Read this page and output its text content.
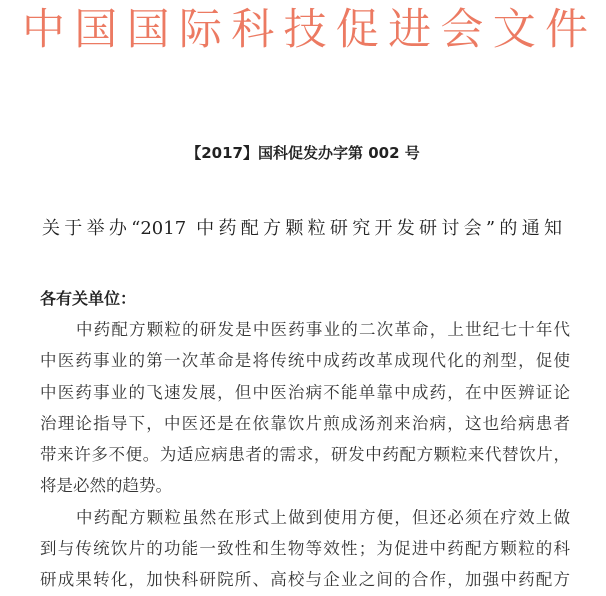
中国国际科技促进会文件
【2017】国科促发办字第 002 号
关于举办“2017 中药配方颗粒研究开发研讨会”的通知
各有关单位：
中药配方颗粒的研发是中医药事业的二次革命，上世纪七十年代
中医药事业的第一次革命是将传统中成药改革成现代化的剂型，促使
中医药事业的飞速发展，但中医治病不能单靠中成药，在中医辨证论
治理论指导下，中医还是在依靠饮片煎成汤剂来治病，这也给病患者
带来许多不便。为适应病患者的需求，研发中药配方颗粒来代替饮片，
将是必然的趋势。
中药配方颗粒虽然在形式上做到使用方便，但还必须在疗效上做
到与传统饮片的功能一致性和生物等效性；为促进中药配方颗粒的科
研成果转化，加快科研院所、高校与企业之间的合作，加强中药配方
